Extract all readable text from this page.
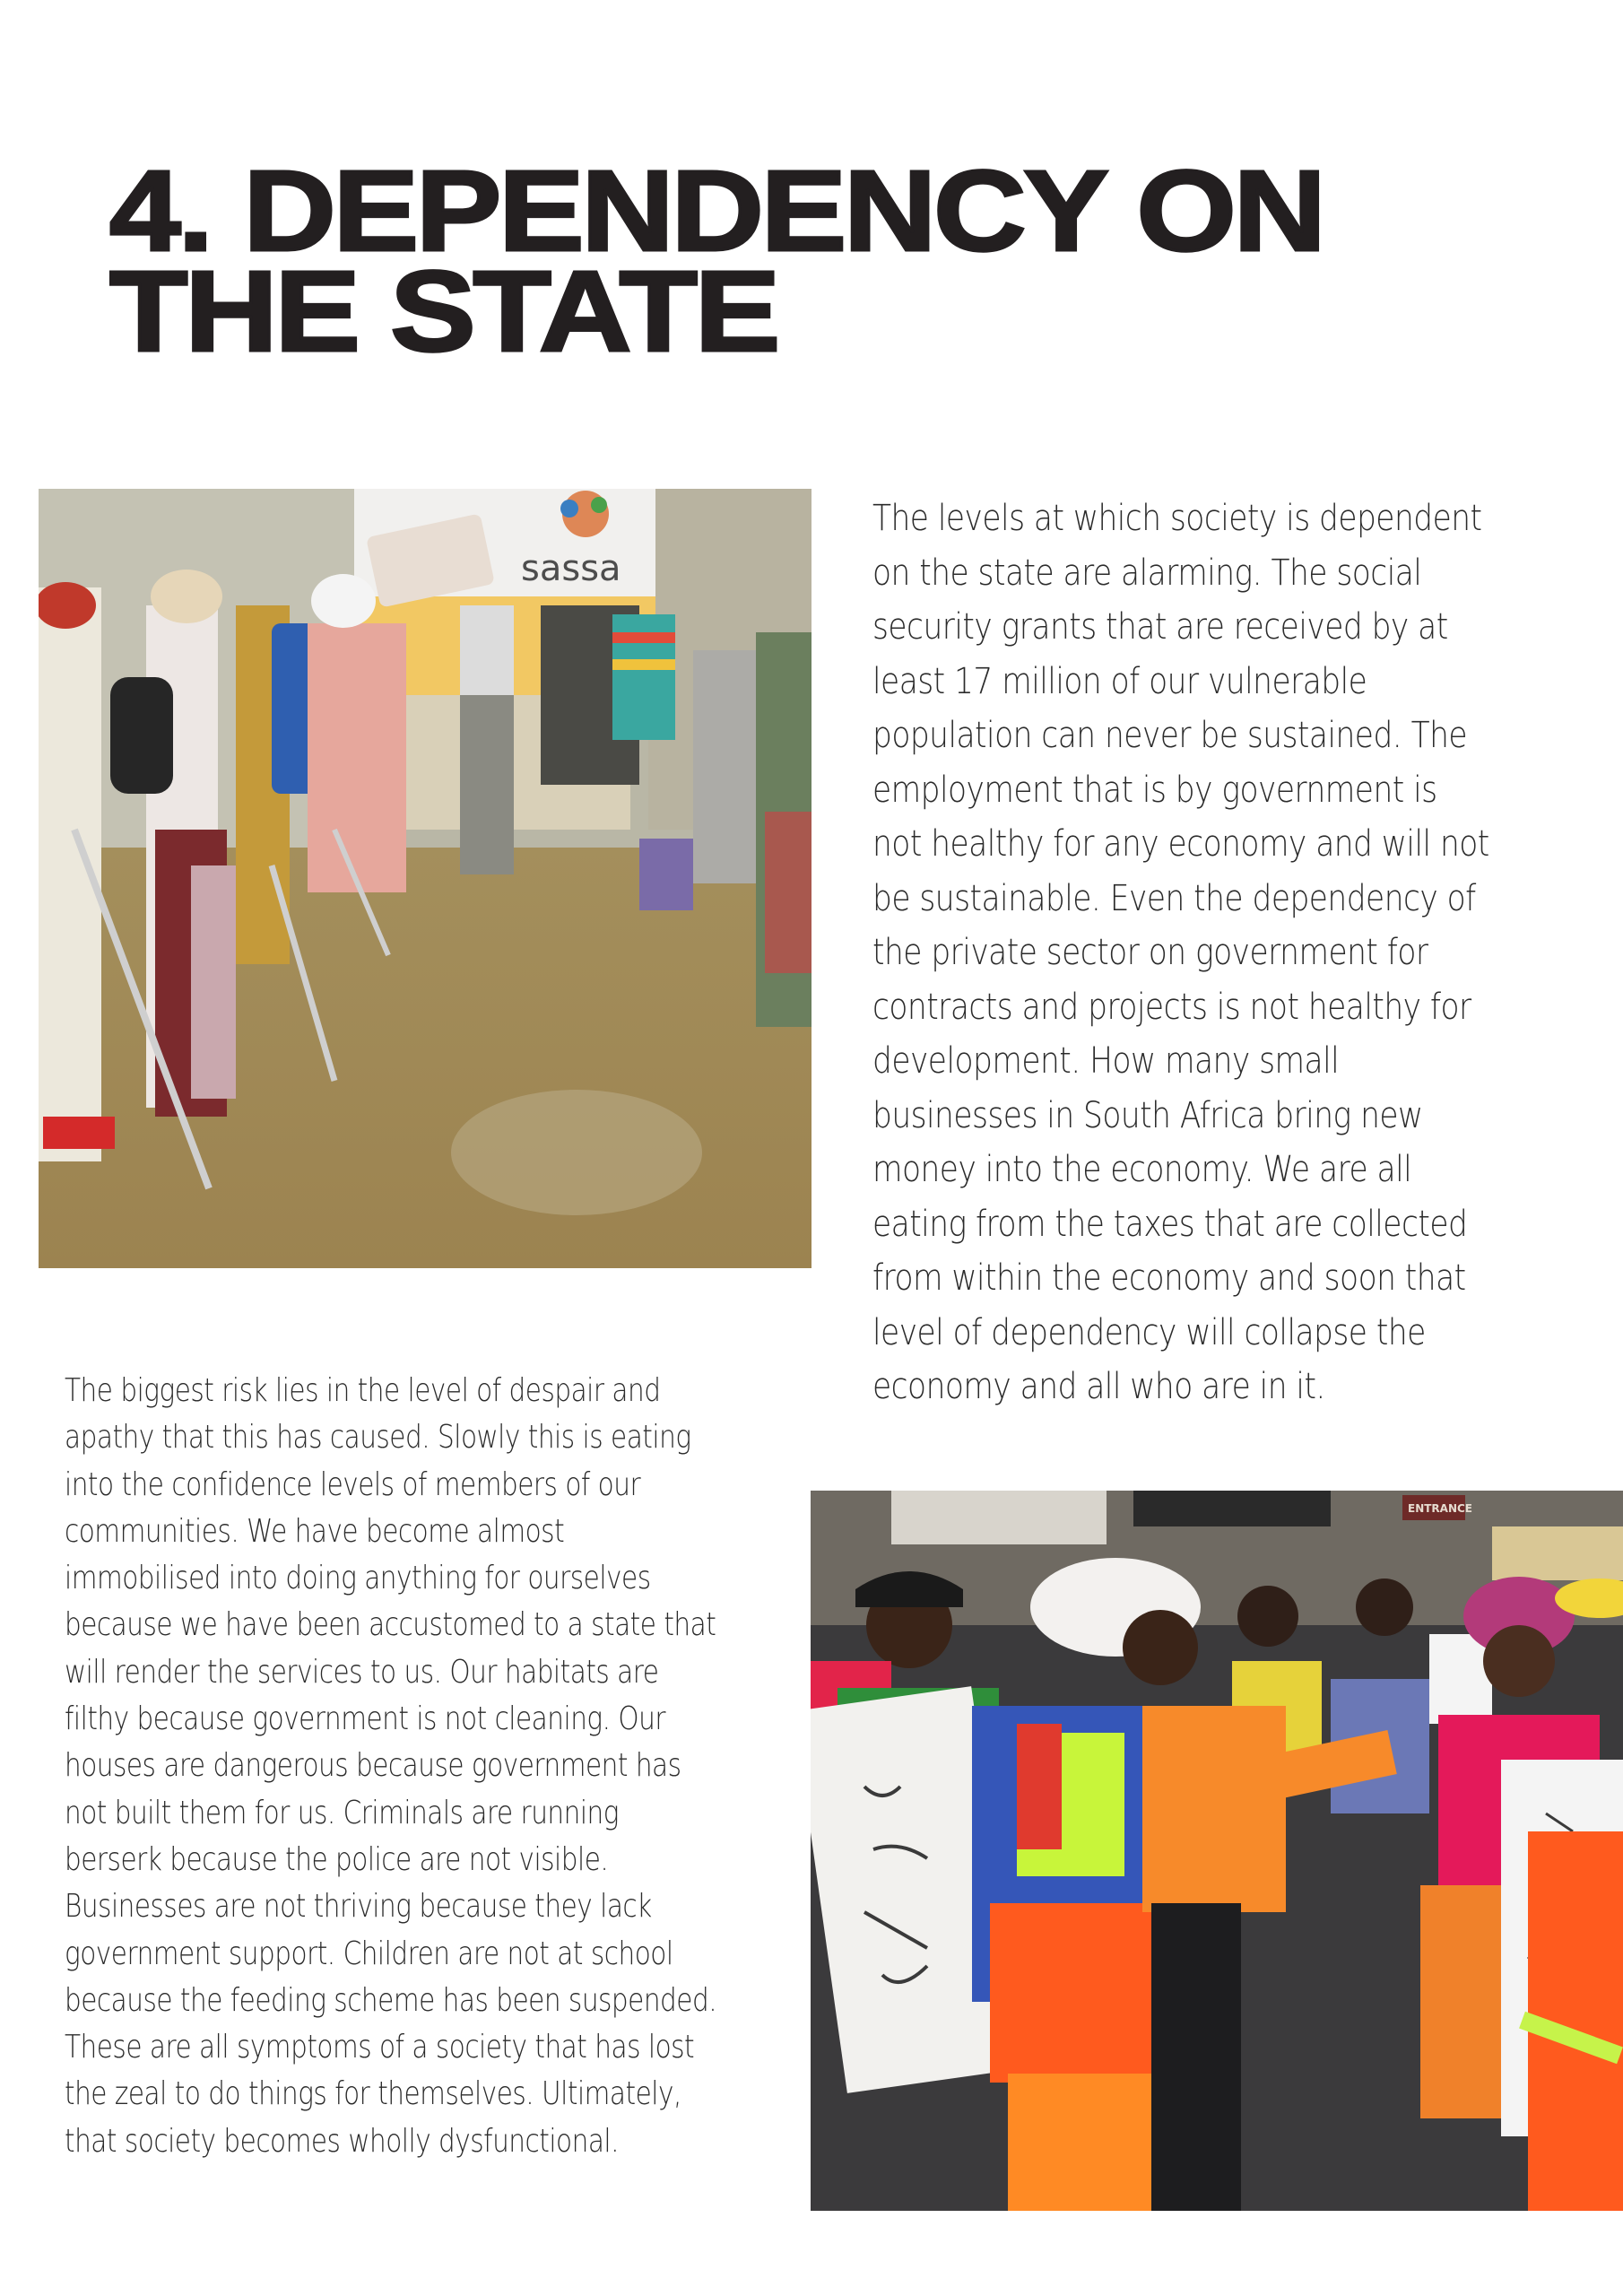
4. DEPENDENCY ON
THE STATE
sassa

The levels at which society is dependent
on the state are alarming. The social
security grants that are received by at
least 17 million of our vulnerable
population can never be sustained. The
employment that is by government is
not healthy for any economy and will not
be sustainable. Even the dependency of
the private sector on government for
contracts and projects is not healthy for
development. How many small
businesses in South Africa bring new
money into the economy. We are all
eating from the taxes that are collected
from within the economy and soon that
level of dependency will collapse the
economy and all who are in it.

The biggest risk lies in the level of despair and
apathy that this has caused. Slowly this is eating
into the confidence levels of members of our
communities. We have become almost
immobilised into doing anything for ourselves
because we have been accustomed to a state that
will render the services to us. Our habitats are
filthy because government is not cleaning. Our
houses are dangerous because government has
not built them for us. Criminals are running
berserk because the police are not visible.
Businesses are not thriving because they lack
government support. Children are not at school
because the feeding scheme has been suspended.
These are all symptoms of a society that has lost
the zeal to do things for themselves. Ultimately,
that society becomes wholly dysfunctional.

ENTRANCE
